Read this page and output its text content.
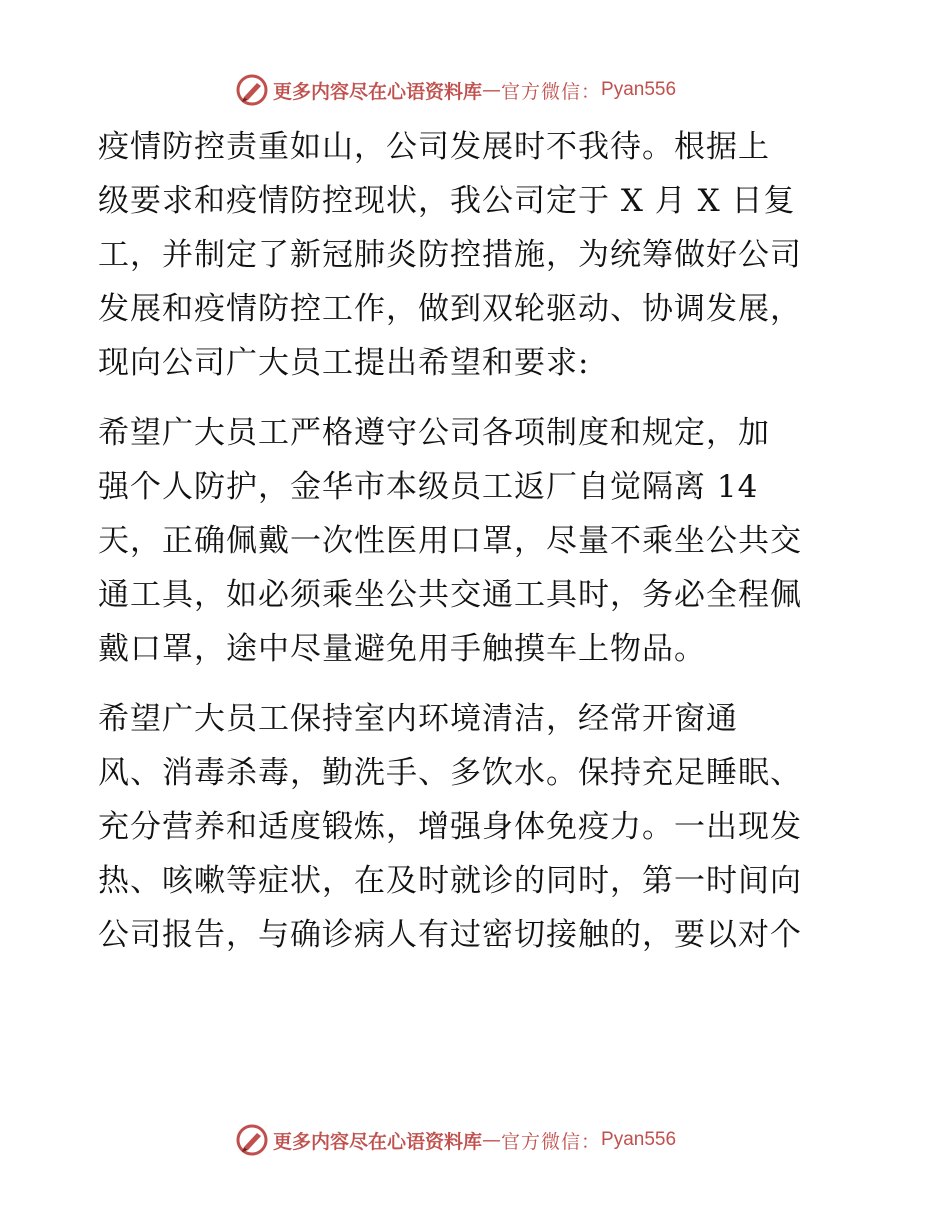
更多内容尽在心语资料库 — 官方微信： Pyan556
疫情防控责重如山，公司发展时不我待。根据上
级要求和疫情防控现状，我公司定于 X 月 X 日复
工，并制定了新冠肺炎防控措施，为统筹做好公司
发展和疫情防控工作，做到双轮驱动、协调发展，
现向公司广大员工提出希望和要求:
希望广大员工严格遵守公司各项制度和规定，加
强个人防护，金华市本级员工返厂自觉隔离 14
天，正确佩戴一次性医用口罩，尽量不乘坐公共交
通工具，如必须乘坐公共交通工具时，务必全程佩
戴口罩，途中尽量避免用手触摸车上物品。
希望广大员工保持室内环境清洁，经常开窗通
风、消毒杀毒，勤洗手、多饮水。保持充足睡眠、
充分营养和适度锻炼，增强身体免疫力。一出现发
热、咳嗽等症状，在及时就诊的同时，第一时间向
公司报告，与确诊病人有过密切接触的，要以对个
更多内容尽在心语资料库 — 官方微信： Pyan556
